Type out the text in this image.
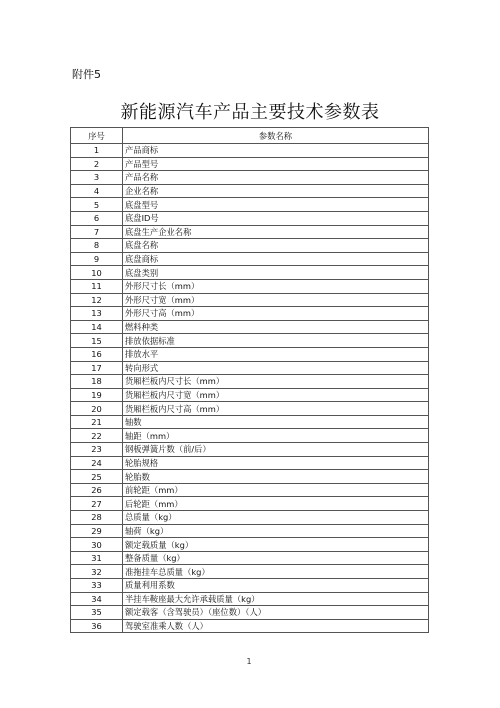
附件5
新能源汽车产品主要技术参数表
序号	参数名称
1	产品商标
2	产品型号
3	产品名称
4	企业名称
5	底盘型号
6	底盘ID号
7	底盘生产企业名称
8	底盘名称
9	底盘商标
10	底盘类别
11	外形尺寸长（mm）
12	外形尺寸宽（mm）
13	外形尺寸高（mm）
14	燃料种类
15	排放依据标准
16	排放水平
17	转向形式
18	货厢栏板内尺寸长（mm）
19	货厢栏板内尺寸宽（mm）
20	货厢栏板内尺寸高（mm）
21	轴数
22	轴距（mm）
23	钢板弹簧片数（前/后）
24	轮胎规格
25	轮胎数
26	前轮距（mm）
27	后轮距（mm）
28	总质量（kg）
29	轴荷（kg）
30	额定载质量（kg）
31	整备质量（kg）
32	准拖挂车总质量（kg）
33	质量利用系数
34	半挂车鞍座最大允许承载质量（kg）
35	额定载客（含驾驶员）（座位数）（人）
36	驾驶室准乘人数（人）
1
